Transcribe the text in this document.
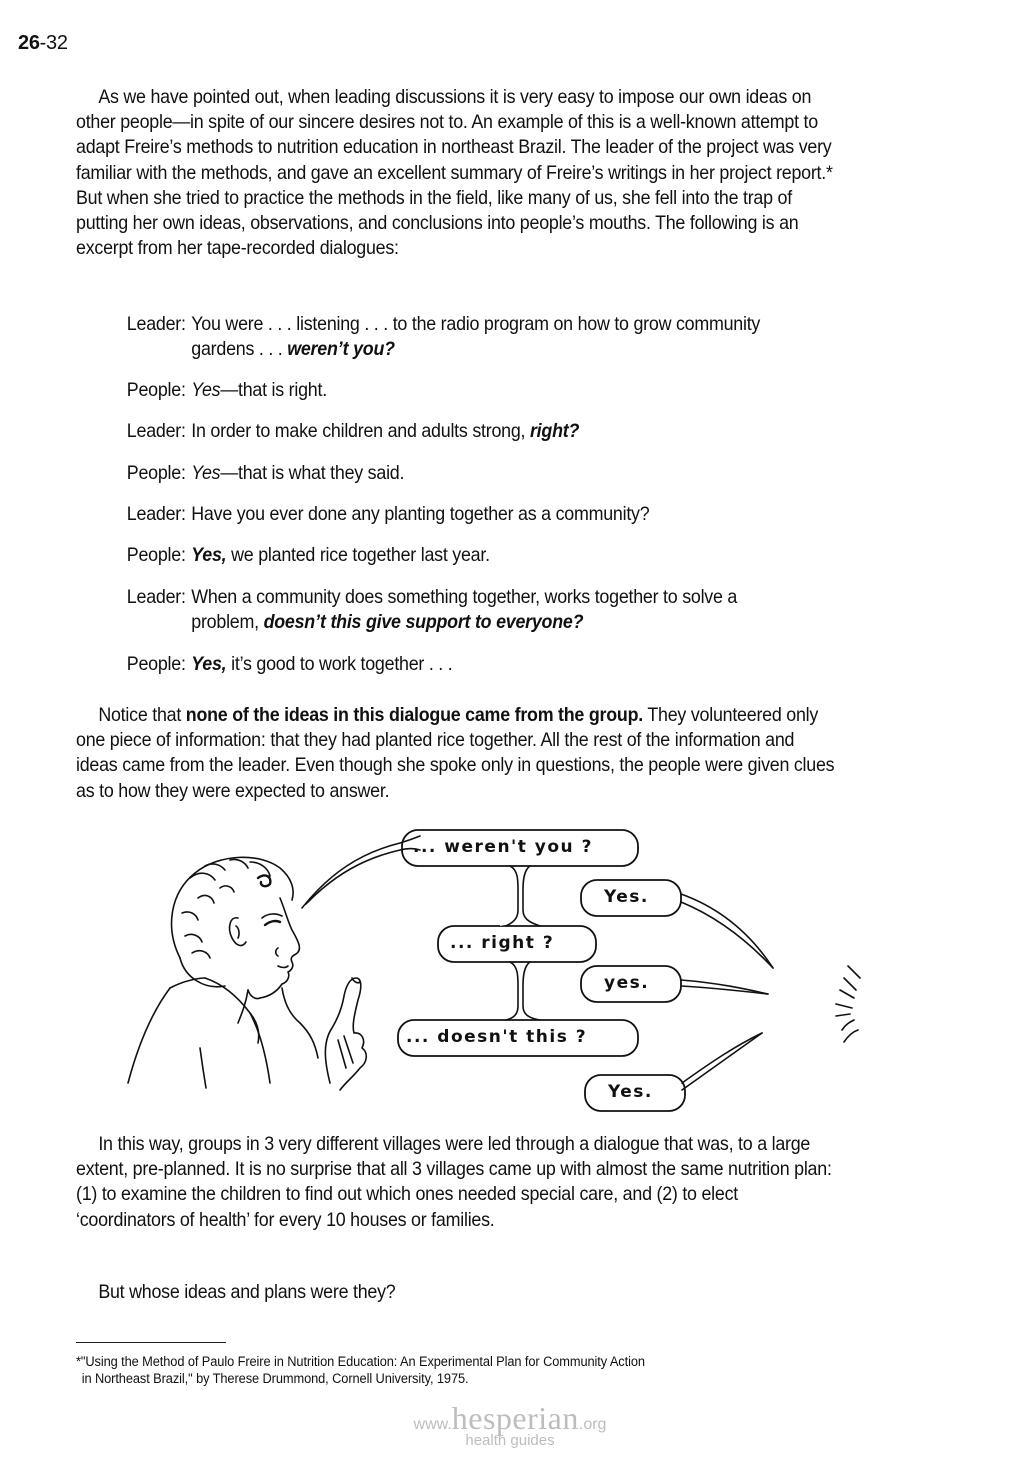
26-32

As we have pointed out, when leading discussions it is very easy to impose our own ideas on other people—in spite of our sincere desires not to. An example of this is a well-known attempt to adapt Freire’s methods to nutrition education in northeast Brazil. The leader of the project was very familiar with the methods, and gave an excellent summary of Freire’s writings in her project report.* But when she tried to practice the methods in the field, like many of us, she fell into the trap of putting her own ideas, observations, and conclusions into people’s mouths. The following is an excerpt from her tape-recorded dialogues:

Leader: You were . . . listening . . . to the radio program on how to grow community gardens . . . weren’t you?
People: Yes—that is right.
Leader: In order to make children and adults strong, right?
People: Yes—that is what they said.
Leader: Have you ever done any planting together as a community?
People: Yes, we planted rice together last year.
Leader: When a community does something together, works together to solve a problem, doesn’t this give support to everyone?
People: Yes, it’s good to work together . . .

Notice that none of the ideas in this dialogue came from the group. They volunteered only one piece of information: that they had planted rice together. All the rest of the information and ideas came from the leader. Even though she spoke only in questions, the people were given clues as to how they were expected to answer.

... weren't you ?
... right ?
... doesn't this ?
Yes.
yes.
Yes.

In this way, groups in 3 very different villages were led through a dialogue that was, to a large extent, pre-planned. It is no surprise that all 3 villages came up with almost the same nutrition plan: (1) to examine the children to find out which ones needed special care, and (2) to elect ‘coordinators of health’ for every 10 houses or families.

But whose ideas and plans were they?

*"Using the Method of Paulo Freire in Nutrition Education: An Experimental Plan for Community Action
in Northeast Brazil," by Therese Drummond, Cornell University, 1975.
www.hesperian.org
health guides
